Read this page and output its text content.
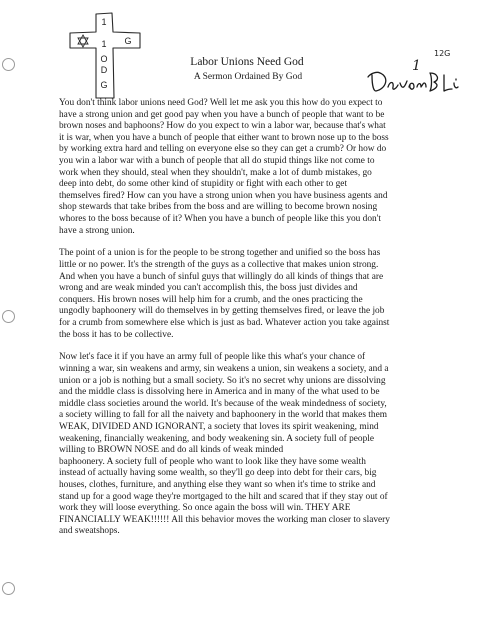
1
G
O
D
1
G
Labor Unions Need God
A Sermon Ordained By God
12G
1

You don't think labor unions need God? Well let me ask you this how do you expect to
have a strong union and get good pay when you have a bunch of people that want to be
brown noses and baphoons? How do you expect to win a labor war, because that's what
it is war, when you have a bunch of people that either want to brown nose up to the boss
by working extra hard and telling on everyone else so they can get a crumb? Or how do
you win a labor war with a bunch of people that all do stupid things like not come to
work when they should, steal when they shouldn't, make a lot of dumb mistakes, go
deep into debt, do some other kind of stupidity or fight with each other to get
themselves fired? How can you have a strong union when you have business agents and
shop stewards that take bribes from the boss and are willing to become brown nosing
whores to the boss because of it? When you have a bunch of people like this you don't
have a strong union.

The point of a union is for the people to be strong together and unified so the boss has
little or no power. It's the strength of the guys as a collective that makes union strong.
And when you have a bunch of sinful guys that willingly do all kinds of things that are
wrong and are weak minded you can't accomplish this, the boss just divides and
conquers. His brown noses will help him for a crumb, and the ones practicing the
ungodly baphoonery will do themselves in by getting themselves fired, or leave the job
for a crumb from somewhere else which is just as bad. Whatever action you take against
the boss it has to be collective.

Now let's face it if you have an army full of people like this what's your chance of
winning a war, sin weakens and army, sin weakens a union, sin weakens a society, and a
union or a job is nothing but a small society. So it's no secret why unions are dissolving
and the middle class is dissolving here in America and in many of the what used to be
middle class societies around the world. It's because of the weak mindedness of society,
a society willing to fall for all the naivety and baphoonery in the world that makes them
WEAK, DIVIDED AND IGNORANT, a society that loves its spirit weakening, mind
weakening, financially weakening, and body weakening sin. A society full of people
willing to BROWN NOSE and do all kinds of weak minded
baphoonery. A society full of people who want to look like they have some wealth
instead of actually having some wealth, so they'll go deep into debt for their cars, big
houses, clothes, furniture, and anything else they want so when it's time to strike and
stand up for a good wage they're mortgaged to the hilt and scared that if they stay out of
work they will loose everything. So once again the boss will win. THEY ARE
FINANCIALLY WEAK!!!!!! All this behavior moves the working man closer to slavery
and sweatshops.
